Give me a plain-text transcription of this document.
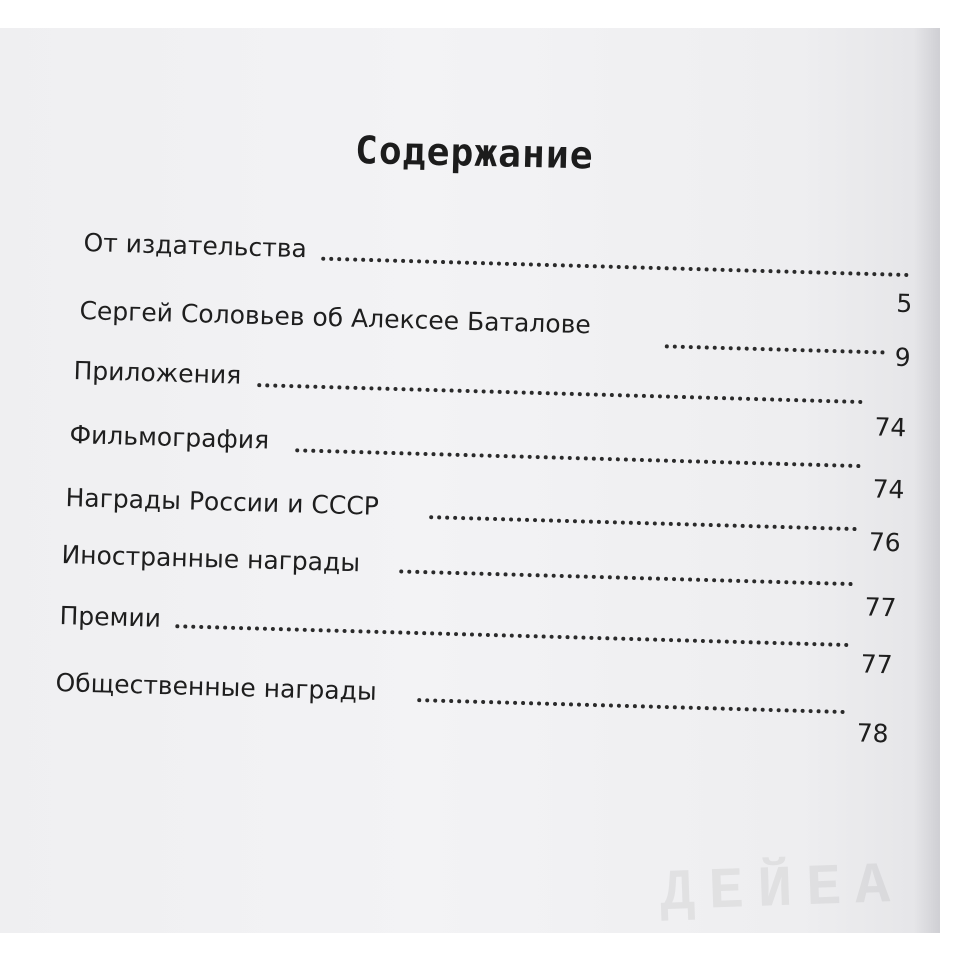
ДЕЙЕА
Содержание
От издательства
5
Сергей Соловьев об Алексее Баталове
9
Приложения
74
Фильмография
74
Награды России и СССР
76
Иностранные награды
77
Премии
77
Общественные награды
78
